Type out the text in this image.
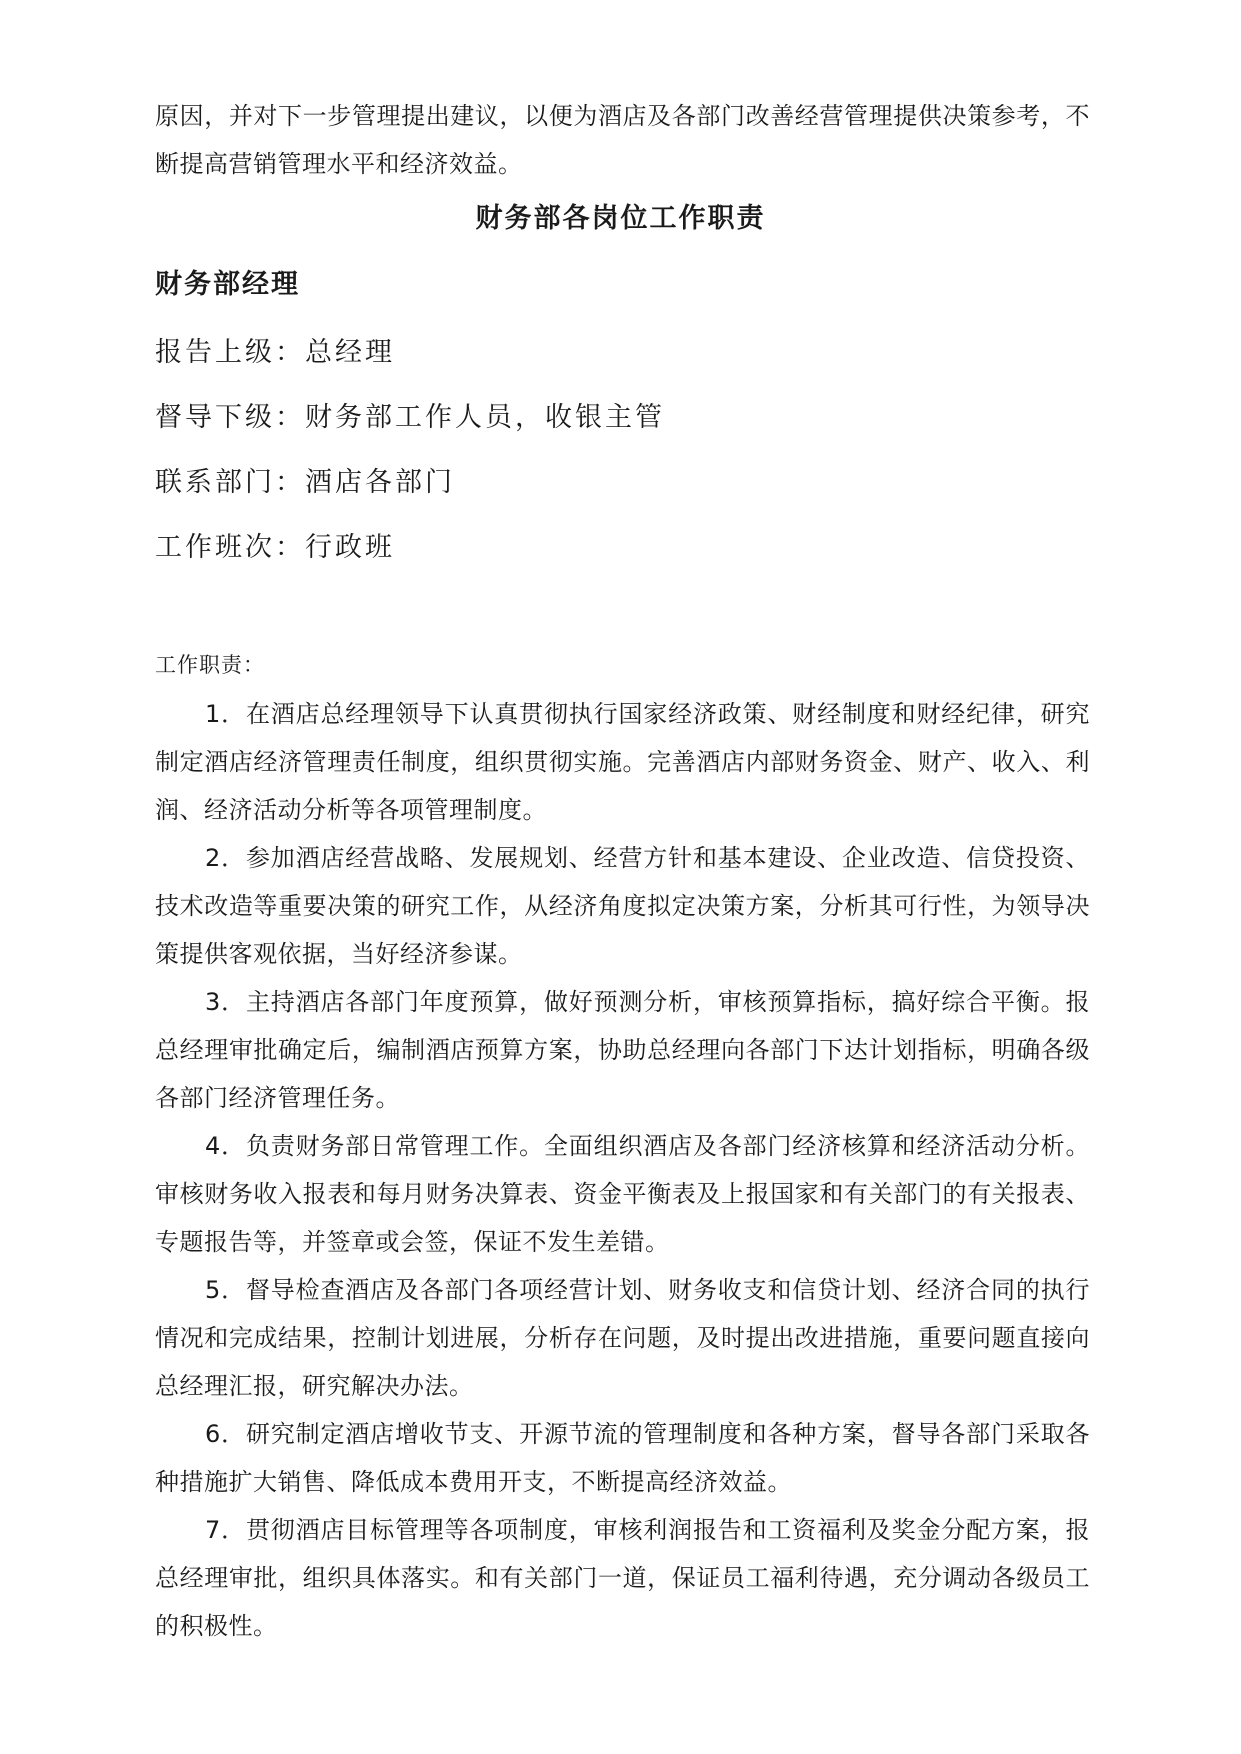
原因，并对下一步管理提出建议，以便为酒店及各部门改善经营管理提供决策参考，不断提高营销管理水平和经济效益。
财务部各岗位工作职责
财务部经理
报告上级：总经理
督导下级：财务部工作人员，收银主管
联系部门：酒店各部门
工作班次：行政班
工作职责：

1．在酒店总经理领导下认真贯彻执行国家经济政策、财经制度和财经纪律，研究制定酒店经济管理责任制度，组织贯彻实施。完善酒店内部财务资金、财产、收入、利润、经济活动分析等各项管理制度。

2．参加酒店经营战略、发展规划、经营方针和基本建设、企业改造、信贷投资、技术改造等重要决策的研究工作，从经济角度拟定决策方案，分析其可行性，为领导决策提供客观依据，当好经济参谋。

3．主持酒店各部门年度预算，做好预测分析，审核预算指标，搞好综合平衡。报总经理审批确定后，编制酒店预算方案，协助总经理向各部门下达计划指标，明确各级各部门经济管理任务。

4．负责财务部日常管理工作。全面组织酒店及各部门经济核算和经济活动分析。审核财务收入报表和每月财务决算表、资金平衡表及上报国家和有关部门的有关报表、专题报告等，并签章或会签，保证不发生差错。

5．督导检查酒店及各部门各项经营计划、财务收支和信贷计划、经济合同的执行情况和完成结果，控制计划进展，分析存在问题，及时提出改进措施，重要问题直接向总经理汇报，研究解决办法。

6．研究制定酒店增收节支、开源节流的管理制度和各种方案，督导各部门采取各种措施扩大销售、降低成本费用开支，不断提高经济效益。

7．贯彻酒店目标管理等各项制度，审核利润报告和工资福利及奖金分配方案，报总经理审批，组织具体落实。和有关部门一道，保证员工福利待遇，充分调动各级员工的积极性。
